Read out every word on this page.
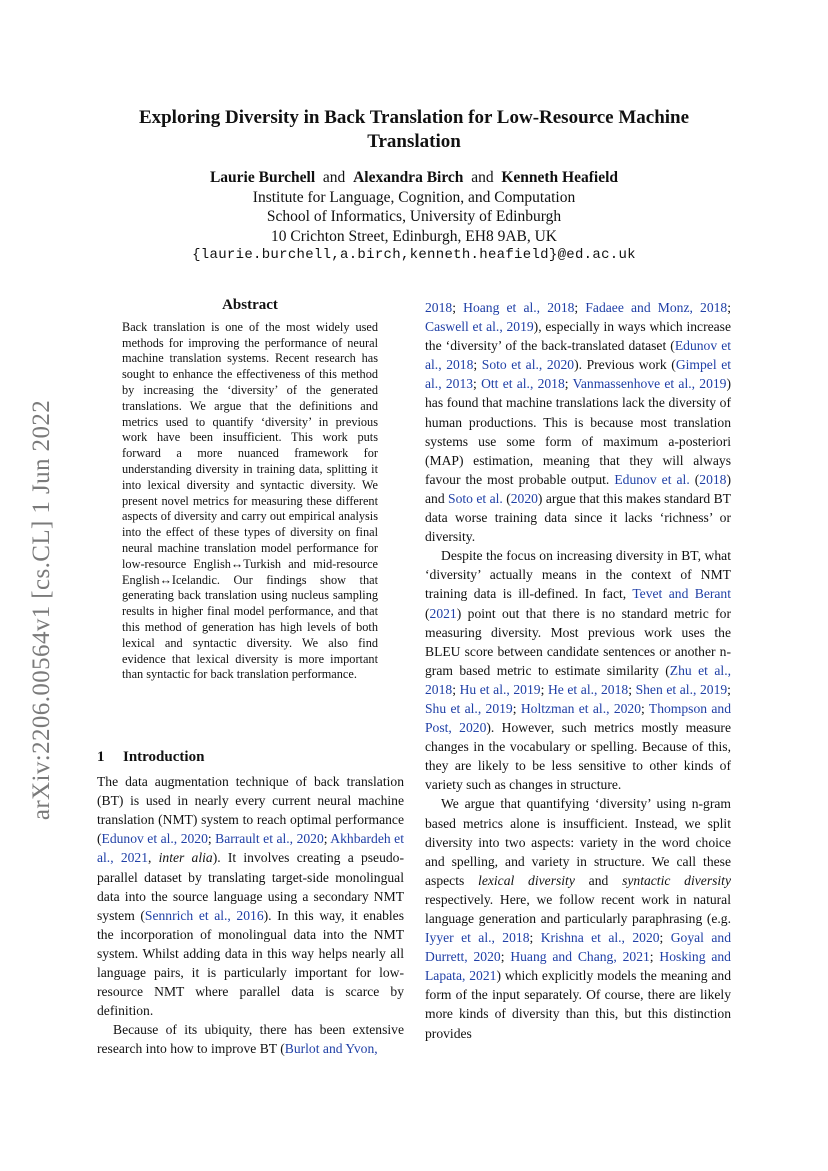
arXiv:2206.00564v1 [cs.CL] 1 Jun 2022
Exploring Diversity in Back Translation for Low-Resource Machine Translation
Laurie Burchell and Alexandra Birch and Kenneth Heafield
Institute for Language, Cognition, and Computation
School of Informatics, University of Edinburgh
10 Crichton Street, Edinburgh, EH8 9AB, UK
{laurie.burchell,a.birch,kenneth.heafield}@ed.ac.uk
Abstract

Back translation is one of the most widely used methods for improving the performance of neural machine translation systems. Recent research has sought to enhance the effectiveness of this method by increasing the ‘diversity’ of the generated translations. We argue that the definitions and metrics used to quantify ‘diversity’ in previous work have been insufficient. This work puts forward a more nuanced framework for understanding diversity in training data, splitting it into lexical diversity and syntactic diversity. We present novel metrics for measuring these different aspects of diversity and carry out empirical analysis into the effect of these types of diversity on final neural machine translation model performance for low-resource English↔Turkish and mid-resource English↔Icelandic. Our findings show that generating back translation using nucleus sampling results in higher final model performance, and that this method of generation has high levels of both lexical and syntactic diversity. We also find evidence that lexical diversity is more important than syntactic for back translation performance.

1 Introduction

The data augmentation technique of back translation (BT) is used in nearly every current neural machine translation (NMT) system to reach optimal performance (Edunov et al., 2020; Barrault et al., 2020; Akhbardeh et al., 2021, inter alia). It involves creating a pseudo-parallel dataset by translating target-side monolingual data into the source language using a secondary NMT system (Sennrich et al., 2016). In this way, it enables the incorporation of monolingual data into the NMT system. Whilst adding data in this way helps nearly all language pairs, it is particularly important for low-resource NMT where parallel data is scarce by definition.

Because of its ubiquity, there has been extensive research into how to improve BT (Burlot and Yvon,

2018; Hoang et al., 2018; Fadaee and Monz, 2018; Caswell et al., 2019), especially in ways which increase the ‘diversity’ of the back-translated dataset (Edunov et al., 2018; Soto et al., 2020). Previous work (Gimpel et al., 2013; Ott et al., 2018; Vanmassenhove et al., 2019) has found that machine translations lack the diversity of human productions. This is because most translation systems use some form of maximum a-posteriori (MAP) estimation, meaning that they will always favour the most probable output. Edunov et al. (2018) and Soto et al. (2020) argue that this makes standard BT data worse training data since it lacks ‘richness’ or diversity.

Despite the focus on increasing diversity in BT, what ‘diversity’ actually means in the context of NMT training data is ill-defined. In fact, Tevet and Berant (2021) point out that there is no standard metric for measuring diversity. Most previous work uses the BLEU score between candidate sentences or another n-gram based metric to estimate similarity (Zhu et al., 2018; Hu et al., 2019; He et al., 2018; Shen et al., 2019; Shu et al., 2019; Holtzman et al., 2020; Thompson and Post, 2020). However, such metrics mostly measure changes in the vocabulary or spelling. Because of this, they are likely to be less sensitive to other kinds of variety such as changes in structure.

We argue that quantifying ‘diversity’ using n-gram based metrics alone is insufficient. Instead, we split diversity into two aspects: variety in the word choice and spelling, and variety in structure. We call these aspects lexical diversity and syntactic diversity respectively. Here, we follow recent work in natural language generation and particularly paraphrasing (e.g. Iyyer et al., 2018; Krishna et al., 2020; Goyal and Durrett, 2020; Huang and Chang, 2021; Hosking and Lapata, 2021) which explicitly models the meaning and form of the input separately. Of course, there are likely more kinds of diversity than this, but this distinction provides
